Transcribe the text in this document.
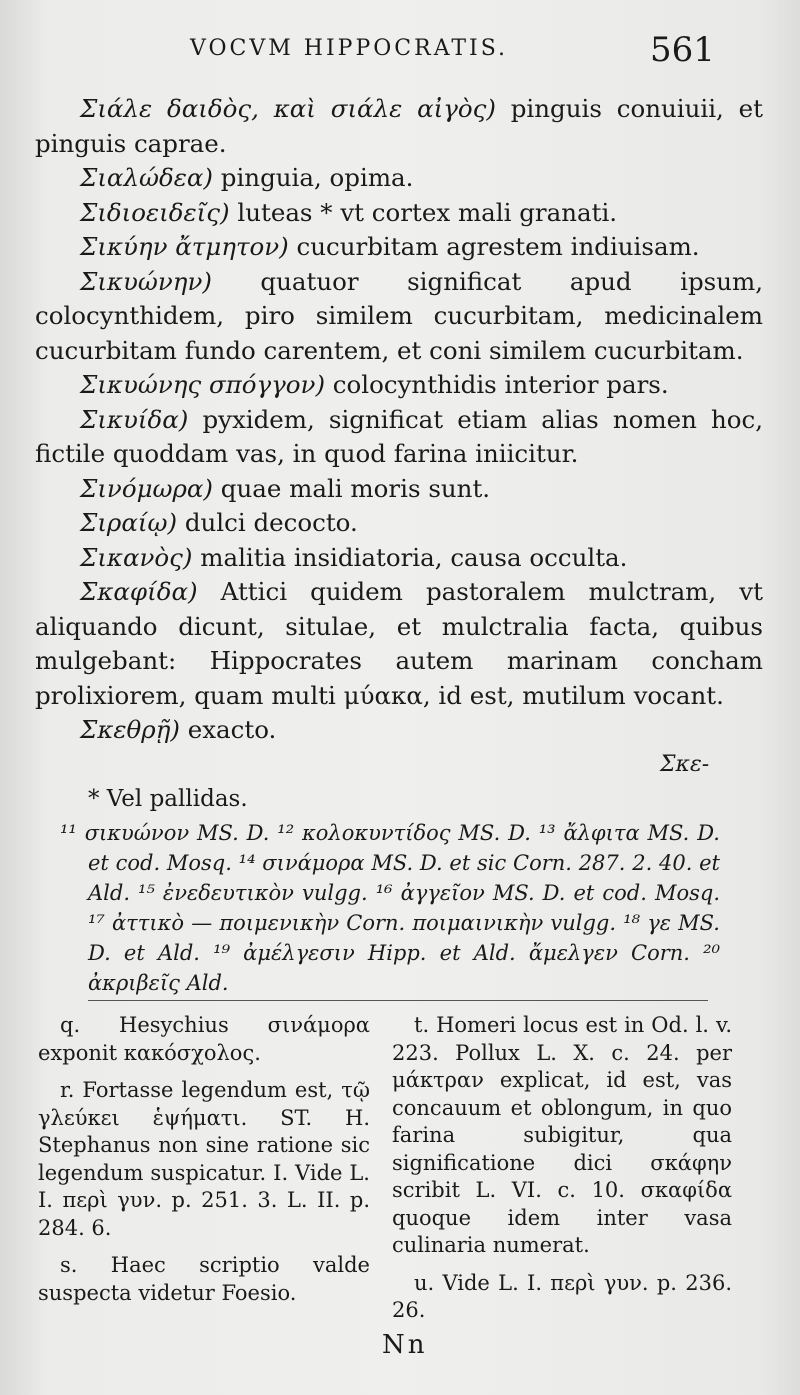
VOCVM HIPPOCRATIS.	561

Σιάλε δαιδὸς, καὶ σιάλε αἰγὸς) pinguis conuiuii, et pinguis caprae.

Σιαλώδεα) pinguia, opima.

Σιδιοειδεῖς) luteas * vt cortex mali granati.

Σικύην ἄτμητον) cucurbitam agrestem indiuisam.

Σικυώνην) quatuor significat apud ipsum, colocynthidem, piro similem cucurbitam, medicinalem cucurbitam fundo carentem, et coni similem cucurbitam.

Σικυώνης σπόγγον) colocynthidis interior pars.

Σικυίδα) pyxidem, significat etiam alias nomen hoc, fictile quoddam vas, in quod farina iniicitur.

Σινόμωρα) quae mali moris sunt.

Σιραίῳ) dulci decocto.

Σικανὸς) malitia insidiatoria, causa occulta.

Σκαφίδα) Attici quidem pastoralem mulctram, vt aliquando dicunt, situlae, et mulctralia facta, quibus mulgebant: Hippocrates autem marinam concham prolixiorem, quam multi μύακα, id est, mutilum vocant.

Σκεθρῇ) exacto.

Σκε-
* Vel pallidas.

¹¹ σικυώνον MS. D. ¹² κολοκυντίδος MS. D. ¹³ ἄλφιτα MS. D. et cod. Mosq. ¹⁴ σινάμορα MS. D. et sic Corn. 287. 2. 40. et Ald. ¹⁵ ἐνεδευτικὸν vulgg. ¹⁶ ἀγγεῖον MS. D. et cod. Mosq. ¹⁷ ἀττικὸ — ποιμενικὴν Corn. ποιμαινικὴν vulgg. ¹⁸ γε MS. D. et Ald. ¹⁹ ἀμέλγεσιν Hipp. et Ald. ἄμελγεν Corn. ²⁰ ἀκριβεῖς Ald.

q. Hesychius σινάμορα exponit κακόσχολος.

r. Fortasse legendum est, τῷ γλεύκει ἑψήματι. ST. H. Stephanus non sine ratione sic legendum suspicatur. I. Vide L. I. περὶ γυν. p. 251. 3. L. II. p. 284. 6.

s. Haec scriptio valde suspecta videtur Foesio.

t. Homeri locus est in Od. l. v. 223. Pollux L. X. c. 24. per μάκτραν explicat, id est, vas concauum et oblongum, in quo farina subigitur, qua significatione dici σκάφην scribit L. VI. c. 10. σκαφίδα quoque idem inter vasa culinaria numerat.

u. Vide L. I. περὶ γυν. p. 236. 26.

Nn
